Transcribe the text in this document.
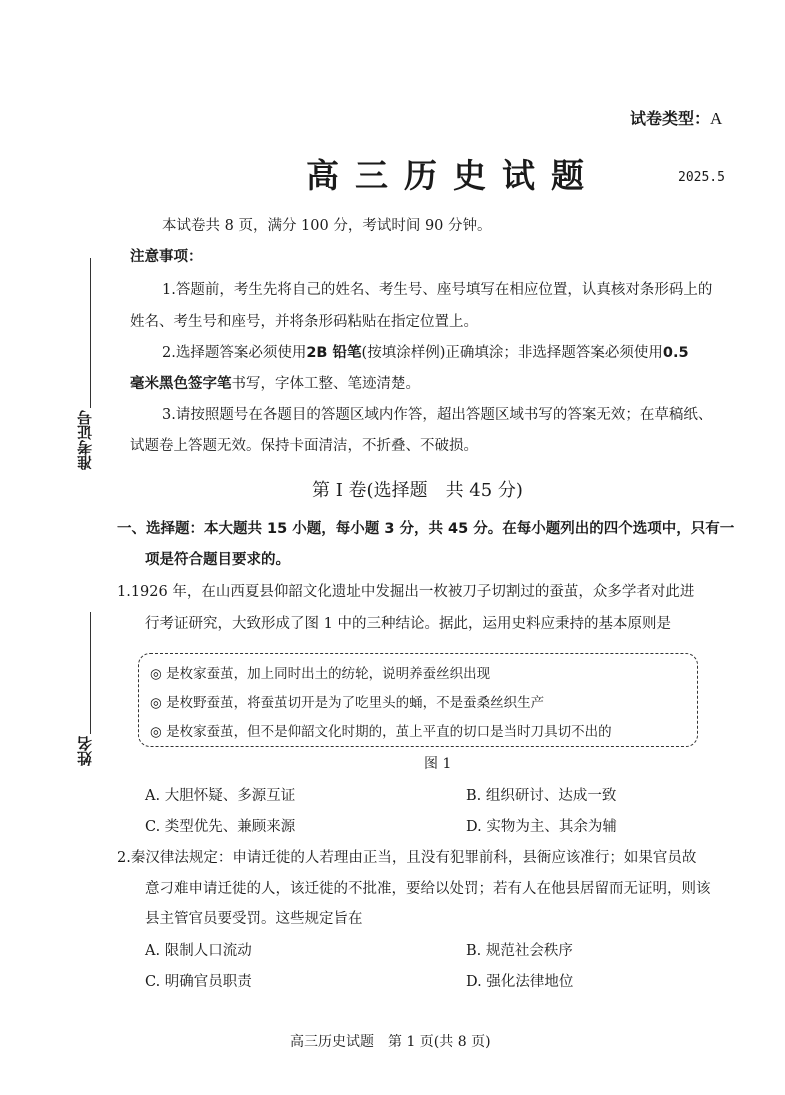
准考证号
姓名
试卷类型：A
高三历史试题	2025.5
本试卷共 8 页，满分 100 分，考试时间 90 分钟。
注意事项：
1.答题前，考生先将自己的姓名、考生号、座号填写在相应位置，认真核对条形码上的
姓名、考生号和座号，并将条形码粘贴在指定位置上。
2.选择题答案必须使用2B 铅笔(按填涂样例)正确填涂；非选择题答案必须使用0.5
毫米黑色签字笔书写，字体工整、笔迹清楚。
3.请按照题号在各题目的答题区域内作答，超出答题区域书写的答案无效；在草稿纸、
试题卷上答题无效。保持卡面清洁，不折叠、不破损。
第 Ⅰ 卷(选择题　共 45 分)
一、选择题：本大题共 15 小题，每小题 3 分，共 45 分。在每小题列出的四个选项中，只有一
项是符合题目要求的。
1.1926 年，在山西夏县仰韶文化遗址中发掘出一枚被刀子切割过的蚕茧，众多学者对此进
行考证研究，大致形成了图 1 中的三种结论。据此，运用史料应秉持的基本原则是
◎ 是枚家蚕茧，加上同时出土的纺轮，说明养蚕丝织出现
◎ 是枚野蚕茧，将蚕茧切开是为了吃里头的蛹，不是蚕桑丝织生产
◎ 是枚家蚕茧，但不是仰韶文化时期的，茧上平直的切口是当时刀具切不出的
图 1
A. 大胆怀疑、多源互证	B. 组织研讨、达成一致
C. 类型优先、兼顾来源	D. 实物为主、其余为辅
2.秦汉律法规定：申请迁徙的人若理由正当，且没有犯罪前科，县衙应该准行；如果官员故
意刁难申请迁徙的人，该迁徙的不批准，要给以处罚；若有人在他县居留而无证明，则该
县主管官员要受罚。这些规定旨在
A. 限制人口流动	B. 规范社会秩序
C. 明确官员职责	D. 强化法律地位
高三历史试题　第 1 页(共 8 页)
